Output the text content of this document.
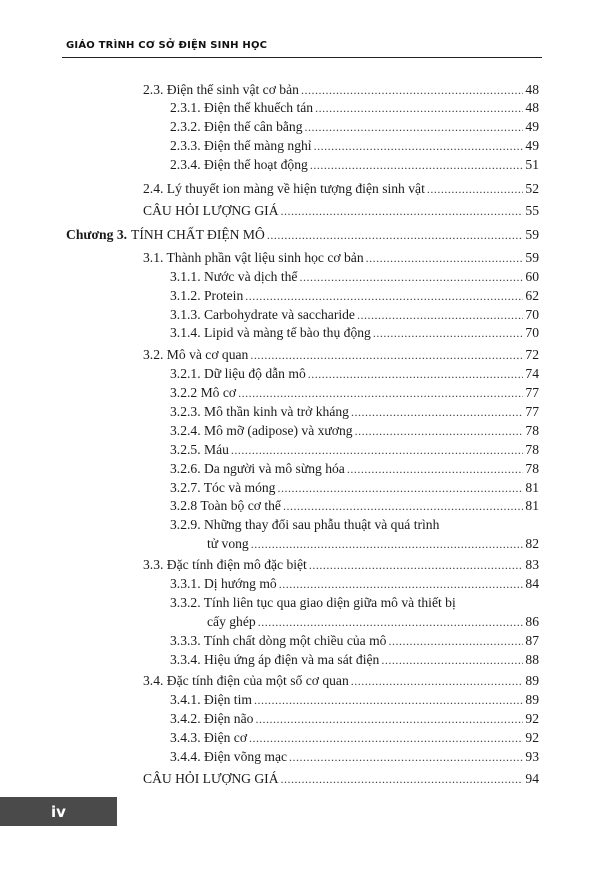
GIÁO TRÌNH CƠ SỞ ĐIỆN SINH HỌC
2.3. Điện thế sinh vật cơ bản .....	48
2.3.1. Điện thế khuếch tán .....	48
2.3.2. Điện thế cân bằng .....	49
2.3.3. Điện thế màng nghỉ .....	49
2.3.4. Điện thế hoạt động .....	51
2.4. Lý thuyết ion màng về hiện tượng điện sinh vật .....	52
CÂU HỎI LƯỢNG GIÁ .....	55
Chương 3. TÍNH CHẤT ĐIỆN MÔ .....	59
3.1. Thành phần vật liệu sinh học cơ bản .....	59
3.1.1. Nước và dịch thể .....	60
3.1.2. Protein .....	62
3.1.3. Carbohydrate và saccharide .....	70
3.1.4. Lipid và màng tế bào thụ động .....	70
3.2. Mô và cơ quan .....	72
3.2.1. Dữ liệu độ dẫn mô .....	74
3.2.2 Mô cơ .....	77
3.2.3. Mô thần kinh và trở kháng .....	77
3.2.4. Mô mỡ (adipose) và xương .....	78
3.2.5. Máu .....	78
3.2.6. Da người và mô sừng hóa .....	78
3.2.7. Tóc và móng .....	81
3.2.8 Toàn bộ cơ thể .....	81
3.2.9. Những thay đổi sau phẫu thuật và quá trình
tử vong .....	82
3.3. Đặc tính điện mô đặc biệt .....	83
3.3.1. Dị hướng mô .....	84
3.3.2. Tính liên tục qua giao diện giữa mô và thiết bị
cấy ghép .....	86
3.3.3. Tính chất dòng một chiều của mô .....	87
3.3.4. Hiệu ứng áp điện và ma sát điện .....	88
3.4. Đặc tính điện của một số cơ quan .....	89
3.4.1. Điện tim .....	89
3.4.2. Điện não .....	92
3.4.3. Điện cơ .....	92
3.4.4. Điện võng mạc .....	93
CÂU HỎI LƯỢNG GIÁ .....	94
iv
